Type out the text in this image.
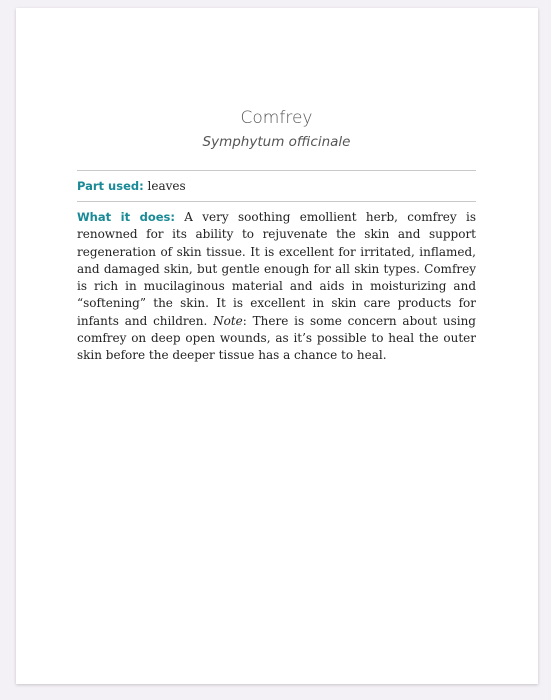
Comfrey
Symphytum officinale
Part used: leaves
What it does: A very soothing emollient herb, comfrey is renowned for its ability to rejuvenate the skin and support regeneration of skin tissue. It is excellent for irritated, inflamed, and damaged skin, but gentle enough for all skin types. Comfrey is rich in mucilaginous material and aids in moisturizing and “softening” the skin. It is excellent in skin care products for infants and children. Note: There is some concern about using comfrey on deep open wounds, as it’s possible to heal the outer skin before the deeper tissue has a chance to heal.
